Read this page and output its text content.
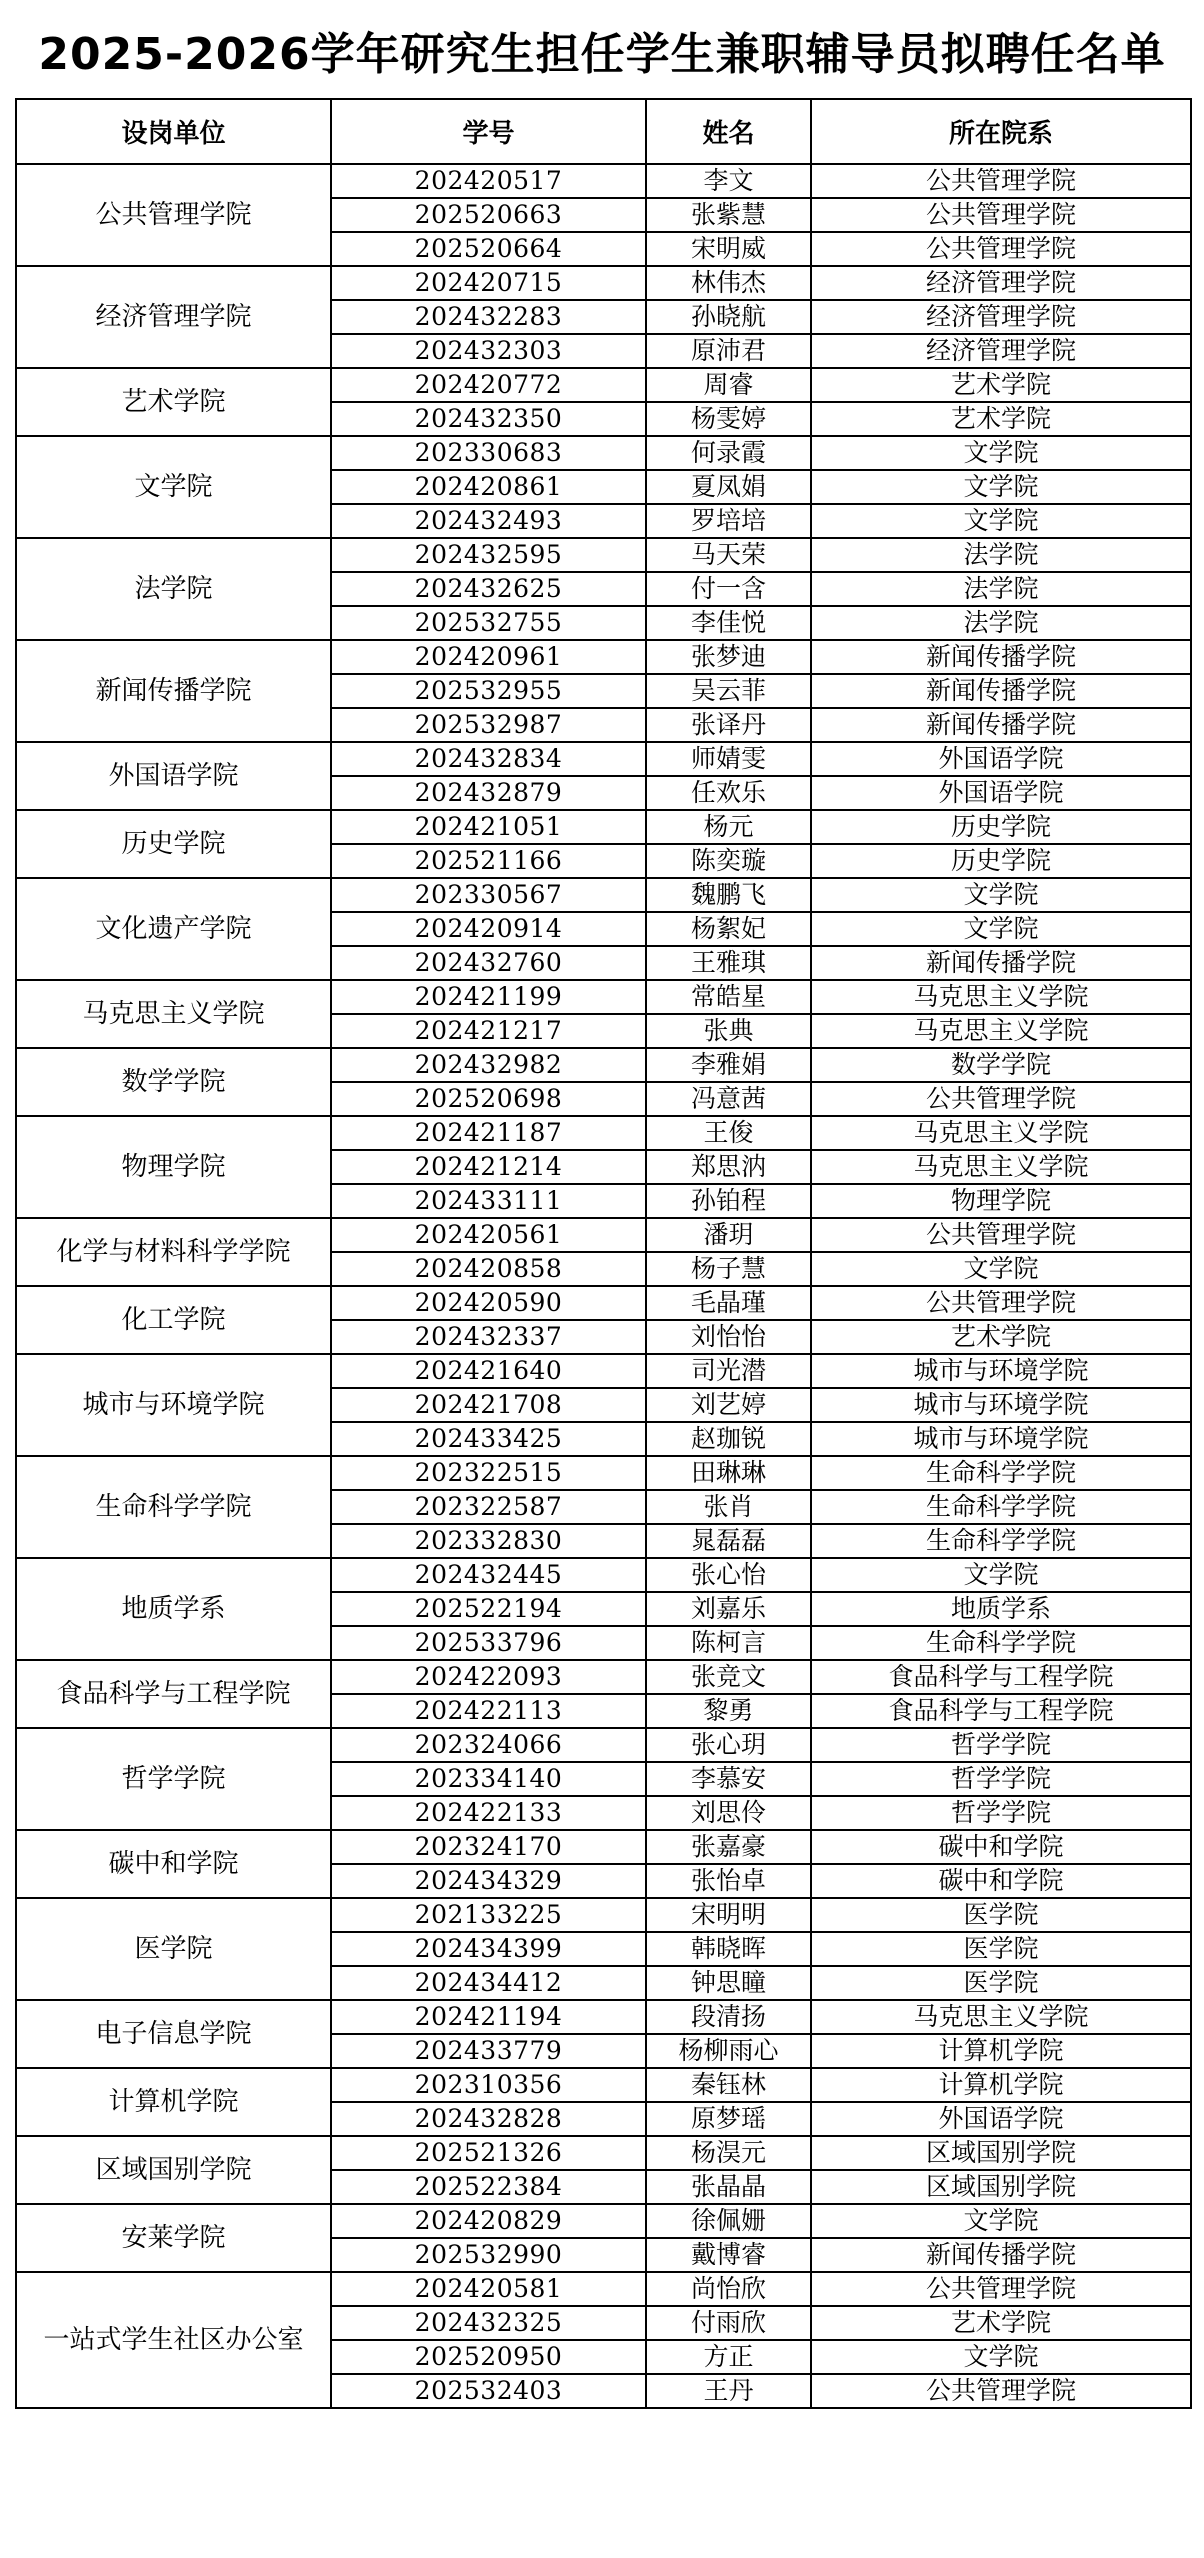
2025-2026学年研究生担任学生兼职辅导员拟聘任名单
设岗单位	学号	姓名	所在院系
公共管理学院	202420517	李文	公共管理学院
	202520663	张紫慧	公共管理学院
	202520664	宋明威	公共管理学院
经济管理学院	202420715	林伟杰	经济管理学院
	202432283	孙晓航	经济管理学院
	202432303	原沛君	经济管理学院
艺术学院	202420772	周睿	艺术学院
	202432350	杨雯婷	艺术学院
文学院	202330683	何录霞	文学院
	202420861	夏凤娟	文学院
	202432493	罗培培	文学院
法学院	202432595	马天荣	法学院
	202432625	付一含	法学院
	202532755	李佳悦	法学院
新闻传播学院	202420961	张梦迪	新闻传播学院
	202532955	吴云菲	新闻传播学院
	202532987	张译丹	新闻传播学院
外国语学院	202432834	师婧雯	外国语学院
	202432879	任欢乐	外国语学院
历史学院	202421051	杨元	历史学院
	202521166	陈奕璇	历史学院
文化遗产学院	202330567	魏鹏飞	文学院
	202420914	杨絮妃	文学院
	202432760	王雅琪	新闻传播学院
马克思主义学院	202421199	常皓星	马克思主义学院
	202421217	张典	马克思主义学院
数学学院	202432982	李雅娟	数学学院
	202520698	冯意茜	公共管理学院
物理学院	202421187	王俊	马克思主义学院
	202421214	郑思汭	马克思主义学院
	202433111	孙铂程	物理学院
化学与材料科学学院	202420561	潘玥	公共管理学院
	202420858	杨子慧	文学院
化工学院	202420590	毛晶瑾	公共管理学院
	202432337	刘怡怡	艺术学院
城市与环境学院	202421640	司光潜	城市与环境学院
	202421708	刘艺婷	城市与环境学院
	202433425	赵珈锐	城市与环境学院
生命科学学院	202322515	田琳琳	生命科学学院
	202322587	张肖	生命科学学院
	202332830	晁磊磊	生命科学学院
地质学系	202432445	张心怡	文学院
	202522194	刘嘉乐	地质学系
	202533796	陈柯言	生命科学学院
食品科学与工程学院	202422093	张竞文	食品科学与工程学院
	202422113	黎勇	食品科学与工程学院
哲学学院	202324066	张心玥	哲学学院
	202334140	李慕安	哲学学院
	202422133	刘思伶	哲学学院
碳中和学院	202324170	张嘉豪	碳中和学院
	202434329	张怡卓	碳中和学院
医学院	202133225	宋明明	医学院
	202434399	韩晓晖	医学院
	202434412	钟思瞳	医学院
电子信息学院	202421194	段清扬	马克思主义学院
	202433779	杨柳雨心	计算机学院
计算机学院	202310356	秦钰林	计算机学院
	202432828	原梦瑶	外国语学院
区域国别学院	202521326	杨淏元	区域国别学院
	202522384	张晶晶	区域国别学院
安莱学院	202420829	徐佩姗	文学院
	202532990	戴博睿	新闻传播学院
一站式学生社区办公室	202420581	尚怡欣	公共管理学院
	202432325	付雨欣	艺术学院
	202520950	方正	文学院
	202532403	王丹	公共管理学院
